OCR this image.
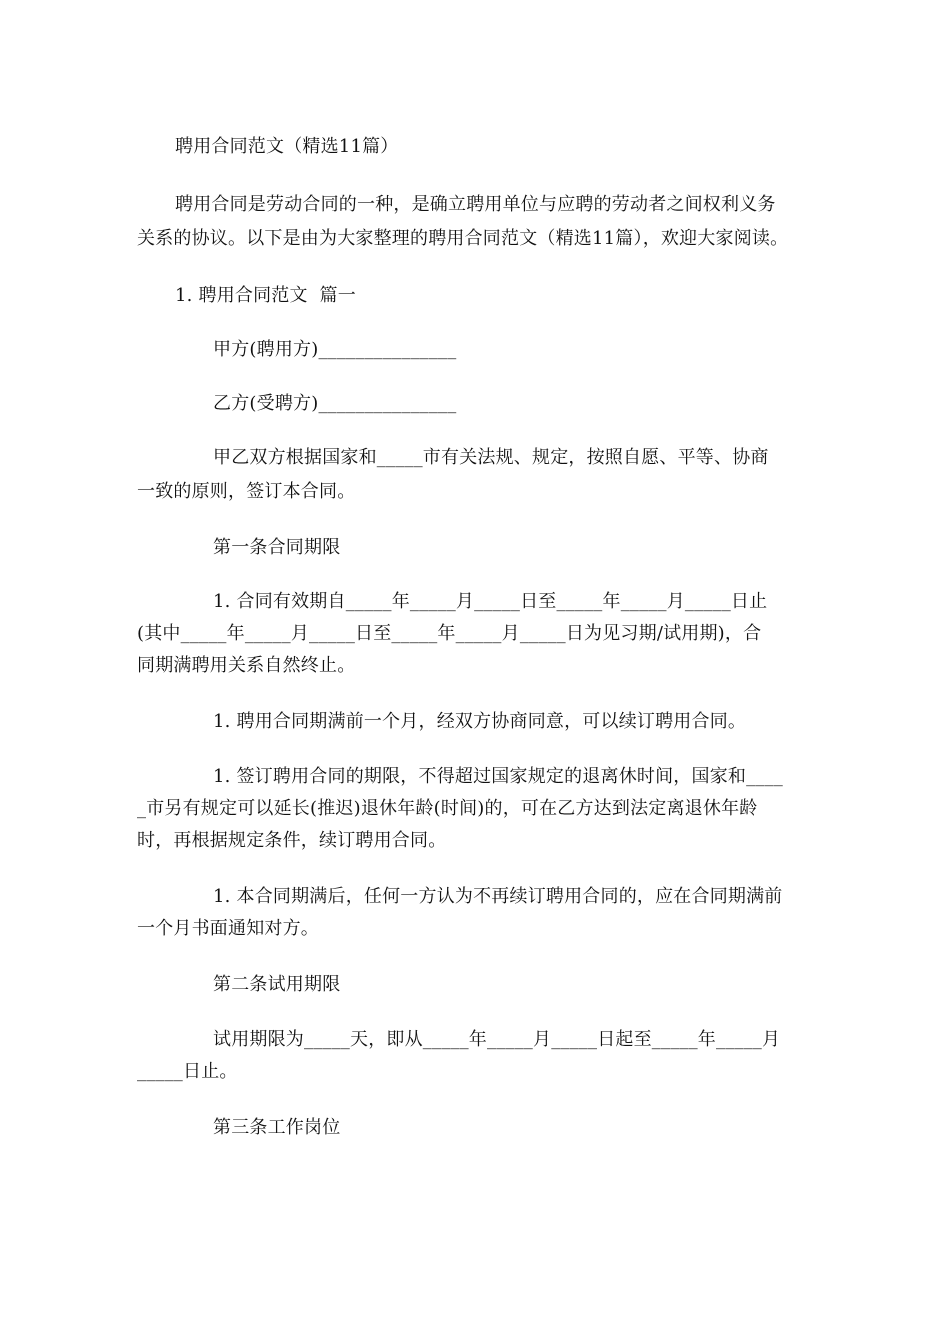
聘用合同范文（精选11篇）
聘用合同是劳动合同的一种，是确立聘用单位与应聘的劳动者之间权利义务
关系的协议。以下是由为大家整理的聘用合同范文（精选11篇），欢迎大家阅读。
1. 聘用合同范文  篇一
甲方(聘用方)_______________
乙方(受聘方)_______________
甲乙双方根据国家和_____市有关法规、规定，按照自愿、平等、协商
一致的原则，签订本合同。
第一条合同期限
1. 合同有效期自_____年_____月_____日至_____年_____月_____日止
(其中_____年_____月_____日至_____年_____月_____日为见习期/试用期)，合
同期满聘用关系自然终止。
1. 聘用合同期满前一个月，经双方协商同意，可以续订聘用合同。
1. 签订聘用合同的期限，不得超过国家规定的退离休时间，国家和____
_市另有规定可以延长(推迟)退休年龄(时间)的，可在乙方达到法定离退休年龄
时，再根据规定条件，续订聘用合同。
1. 本合同期满后，任何一方认为不再续订聘用合同的，应在合同期满前
一个月书面通知对方。
第二条试用期限
试用期限为_____天，即从_____年_____月_____日起至_____年_____月
_____日止。
第三条工作岗位
